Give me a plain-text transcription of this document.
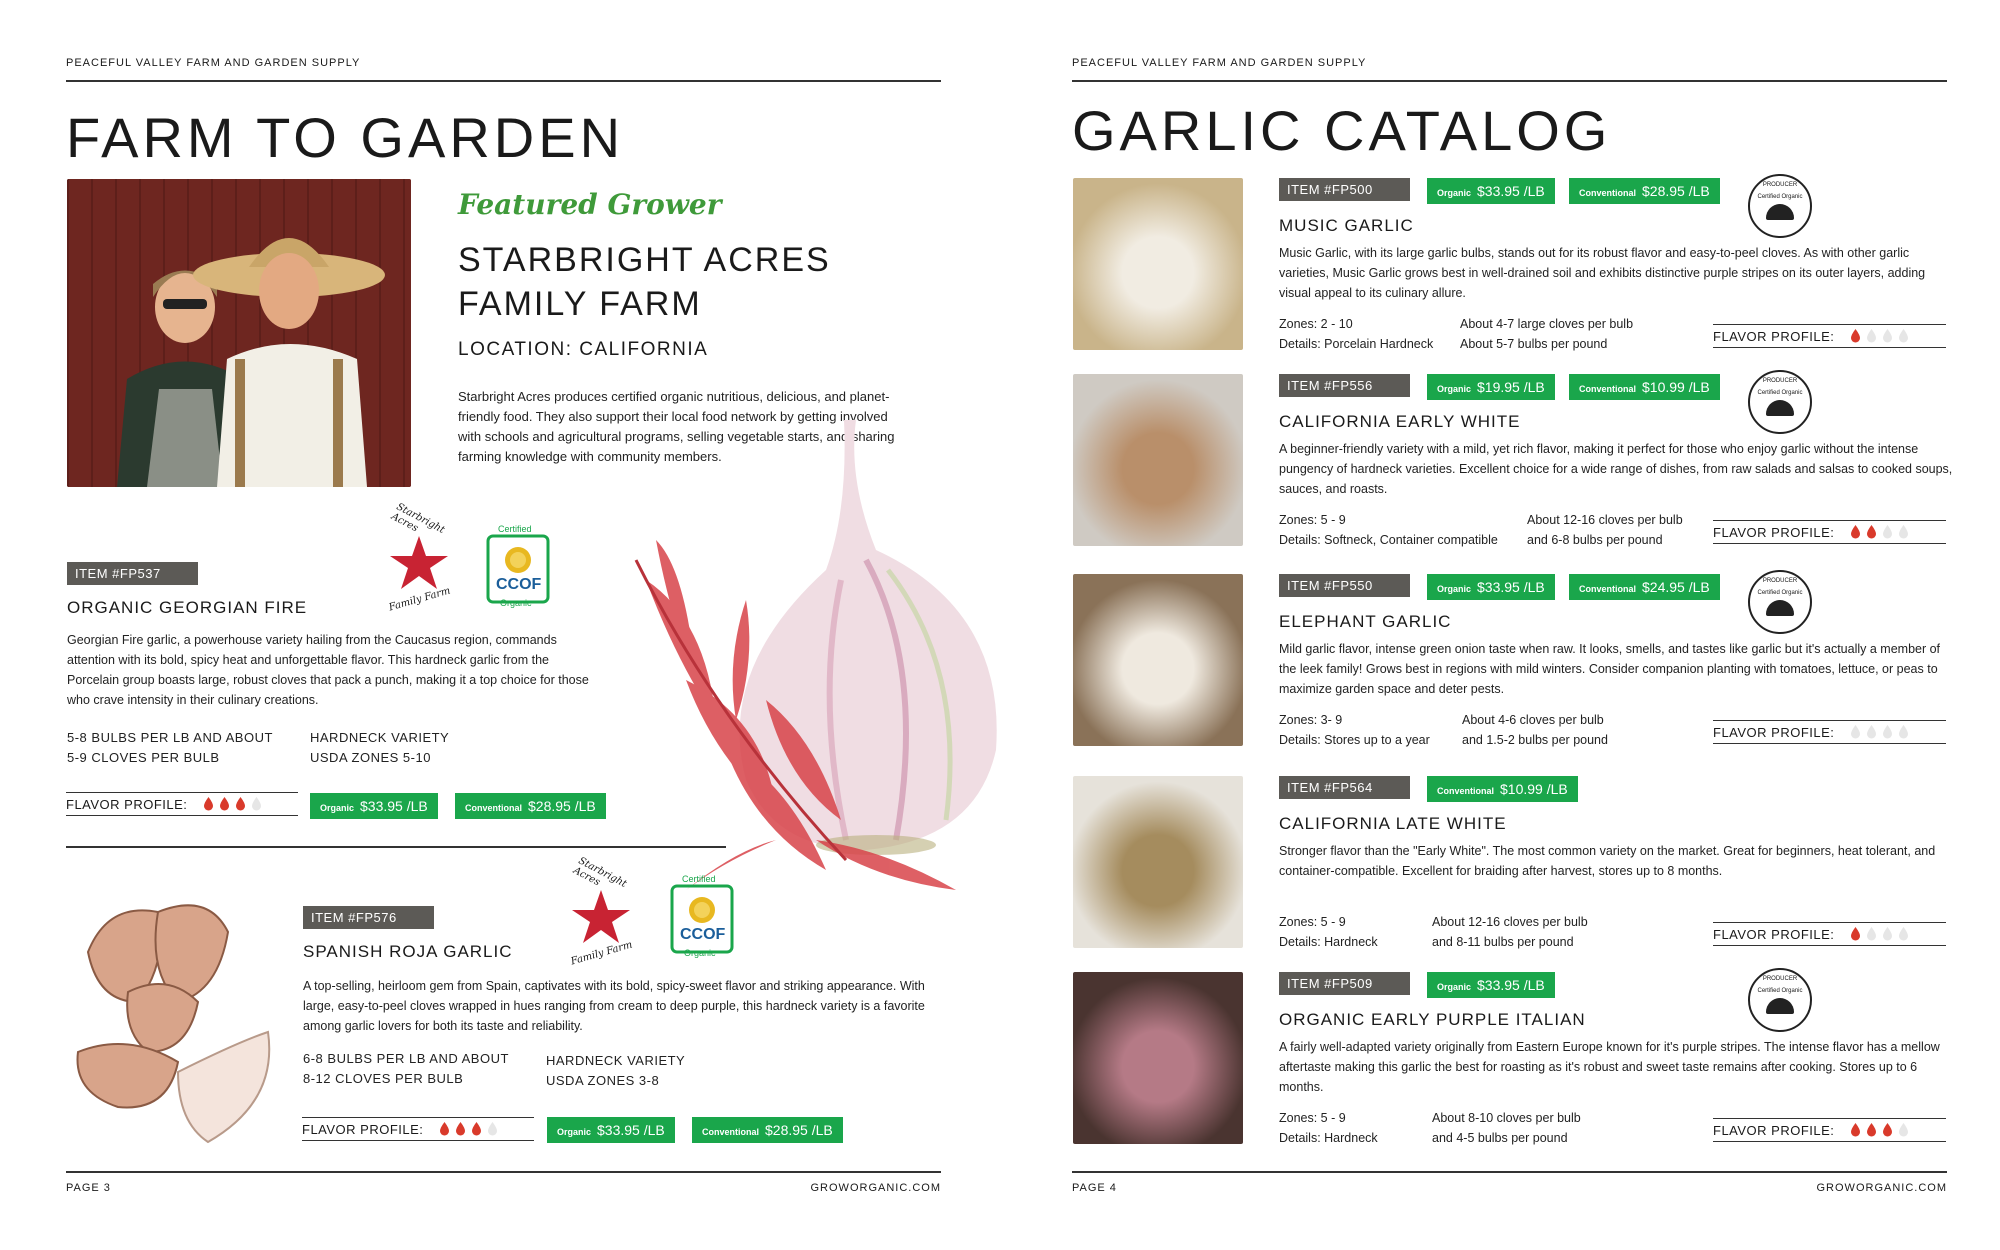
PEACEFUL VALLEY FARM AND GARDEN SUPPLY
FARM TO GARDEN
Featured Grower
STARBRIGHT ACRES
FAMILY FARM
LOCATION: CALIFORNIA
Starbright Acres produces certified organic nutritious, delicious, and planet-friendly food. They also support their local food network by getting involved with schools and agricultural programs, selling vegetable starts, and sharing farming knowledge with community members.
Starbright Acres
Family Farm
Certified
CCOF
Organic
ITEM #FP537
ORGANIC GEORGIAN FIRE
Georgian Fire garlic, a powerhouse variety hailing from the Caucasus region, commands attention with its bold, spicy heat and unforgettable flavor. This hardneck garlic from the Porcelain group boasts large, robust cloves that pack a punch, making it a top choice for those who crave intensity in their culinary creations.
5-8 BULBS PER LB AND ABOUT
5-9 CLOVES PER BULB
HARDNECK VARIETY
USDA ZONES 5-10
FLAVOR PROFILE:	Organic $33.95 /LB	Conventional $28.95 /LB
Starbright Acres
Family Farm
Certified
CCOF
Organic
ITEM #FP576
SPANISH ROJA GARLIC
A top-selling, heirloom gem from Spain, captivates with its bold, spicy-sweet flavor and striking appearance. With large, easy-to-peel cloves wrapped in hues ranging from cream to deep purple, this hardneck variety is a favorite among garlic lovers for both its taste and reliability.
6-8 BULBS PER LB AND ABOUT
8-12 CLOVES PER BULB
HARDNECK VARIETY
USDA ZONES 3-8
FLAVOR PROFILE:	Organic $33.95 /LB	Conventional $28.95 /LB
PAGE 3	GROWORGANIC.COM
PEACEFUL VALLEY FARM AND GARDEN SUPPLY
GARLIC CATALOG
ITEM #FP500	Organic $33.95 /LB	Conventional $28.95 /LB	PRODUCER
Certified Organic
MUSIC GARLIC
Music Garlic, with its large garlic bulbs, stands out for its robust flavor and easy-to-peel cloves. As with other garlic varieties, Music Garlic grows best in well-drained soil and exhibits distinctive purple stripes on its outer layers, adding visual appeal to its culinary allure.
Zones: 2 - 10
Details: Porcelain Hardneck
About 4-7 large cloves per bulb
About 5-7 bulbs per pound
FLAVOR PROFILE:
ITEM #FP556	Organic $19.95 /LB	Conventional $10.99 /LB	PRODUCER
Certified Organic
CALIFORNIA EARLY WHITE
A beginner-friendly variety with a mild, yet rich flavor, making it perfect for those who enjoy garlic without the intense pungency of hardneck varieties. Excellent choice for a wide range of dishes, from raw salads and salsas to cooked soups, sauces, and roasts.
Zones: 5 - 9
Details: Softneck, Container compatible
About 12-16 cloves per bulb
and 6-8 bulbs per pound
FLAVOR PROFILE:
ITEM #FP550	Organic $33.95 /LB	Conventional $24.95 /LB	PRODUCER
Certified Organic
ELEPHANT GARLIC
Mild garlic flavor, intense green onion taste when raw. It looks, smells, and tastes like garlic but it's actually a member of the leek family! Grows best in regions with mild winters. Consider companion planting with tomatoes, lettuce, or peas to maximize garden space and deter pests.
Zones: 3- 9
Details: Stores up to a year
About 4-6 cloves per bulb
and 1.5-2 bulbs per pound
FLAVOR PROFILE:
ITEM #FP564	Conventional $10.99 /LB
CALIFORNIA LATE WHITE
Stronger flavor than the "Early White". The most common variety on the market. Great for beginners, heat tolerant, and container-compatible. Excellent for braiding after harvest, stores up to 8 months.
Zones: 5 - 9
Details: Hardneck
About 12-16 cloves per bulb
and 8-11 bulbs per pound
FLAVOR PROFILE:
ITEM #FP509	Organic $33.95 /LB	PRODUCER
Certified Organic
ORGANIC EARLY PURPLE ITALIAN
A fairly well-adapted variety originally from Eastern Europe known for it's purple stripes. The intense flavor has a mellow aftertaste making this garlic the best for roasting as it's robust and sweet taste remains after cooking. Stores up to 6 months.
Zones: 5 - 9
Details: Hardneck
About 8-10 cloves per bulb
and 4-5 bulbs per pound
FLAVOR PROFILE:
PAGE 4	GROWORGANIC.COM
